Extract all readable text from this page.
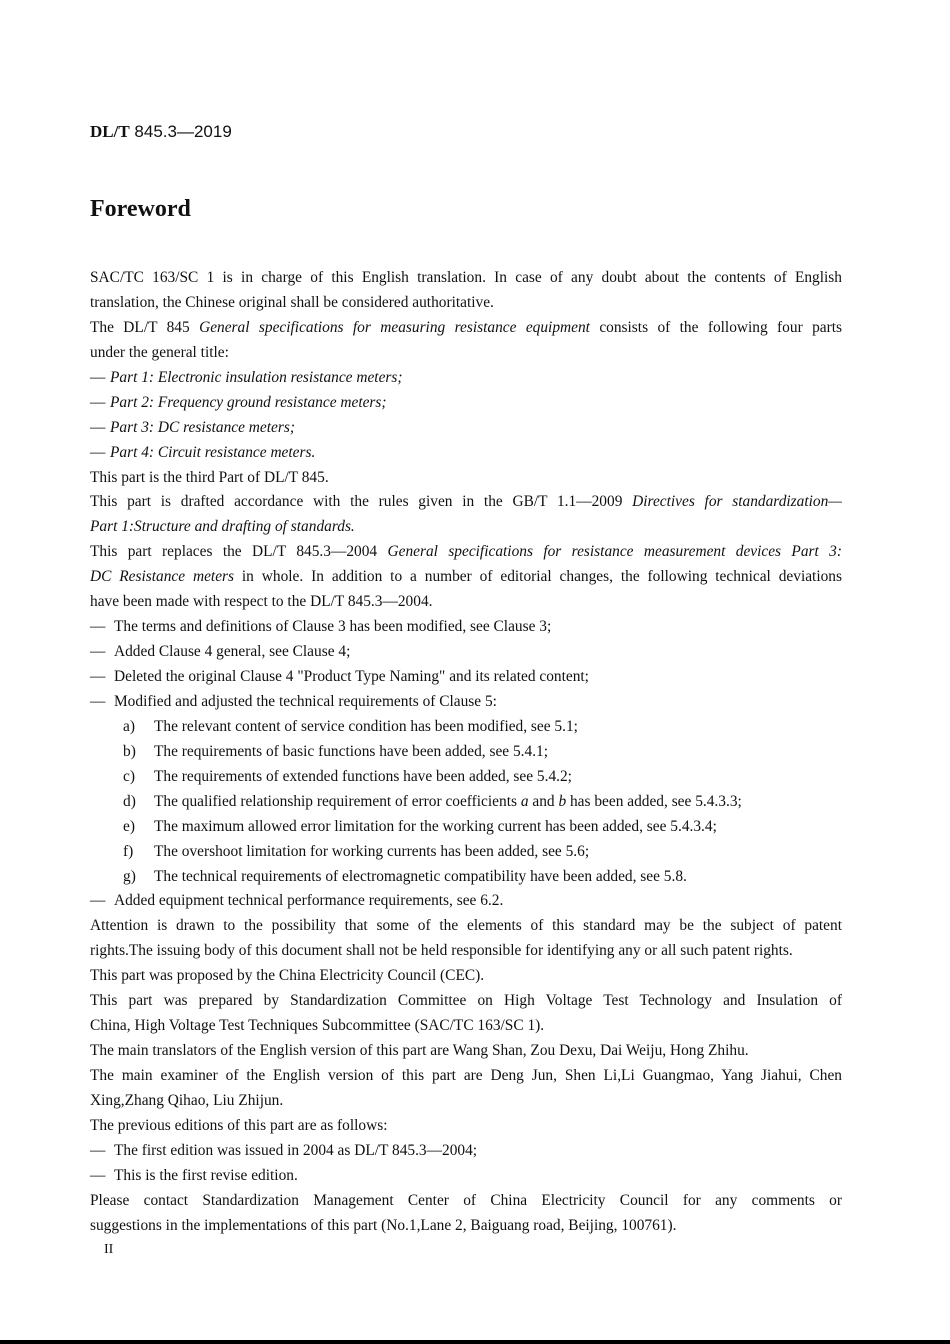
DL/T 845.3—2019
Foreword
SAC/TC 163/SC 1 is in charge of this English translation. In case of any doubt about the contents of English
translation, the Chinese original shall be considered authoritative.
The DL/T 845 General specifications for measuring resistance equipment consists of the following four parts
under the general title:
— Part 1: Electronic insulation resistance meters;
— Part 2: Frequency ground resistance meters;
— Part 3: DC resistance meters;
— Part 4: Circuit resistance meters.
This part is the third Part of DL/T 845.
This part is drafted accordance with the rules given in the GB/T 1.1—2009 Directives for standardization—
Part 1:Structure and drafting of standards.
This part replaces the DL/T 845.3—2004 General specifications for resistance measurement devices Part 3:
DC Resistance meters in whole. In addition to a number of editorial changes, the following technical deviations
have been made with respect to the DL/T 845.3—2004.
— The terms and definitions of Clause 3 has been modified, see Clause 3;
— Added Clause 4 general, see Clause 4;
— Deleted the original Clause 4 "Product Type Naming" and its related content;
— Modified and adjusted the technical requirements of Clause 5:
a) The relevant content of service condition has been modified, see 5.1;
b) The requirements of basic functions have been added, see 5.4.1;
c) The requirements of extended functions have been added, see 5.4.2;
d) The qualified relationship requirement of error coefficients a and b has been added, see 5.4.3.3;
e) The maximum allowed error limitation for the working current has been added, see 5.4.3.4;
f) The overshoot limitation for working currents has been added, see 5.6;
g) The technical requirements of electromagnetic compatibility have been added, see 5.8.
— Added equipment technical performance requirements, see 6.2.
Attention is drawn to the possibility that some of the elements of this standard may be the subject of patent
rights.The issuing body of this document shall not be held responsible for identifying any or all such patent rights.
This part was proposed by the China Electricity Council (CEC).
This part was prepared by Standardization Committee on High Voltage Test Technology and Insulation of
China, High Voltage Test Techniques Subcommittee (SAC/TC 163/SC 1).
The main translators of the English version of this part are Wang Shan, Zou Dexu, Dai Weiju, Hong Zhihu.
The main examiner of the English version of this part are Deng Jun, Shen Li,Li Guangmao, Yang Jiahui, Chen
Xing,Zhang Qihao, Liu Zhijun.
The previous editions of this part are as follows:
— The first edition was issued in 2004 as DL/T 845.3—2004;
— This is the first revise edition.
Please contact Standardization Management Center of China Electricity Council for any comments or
suggestions in the implementations of this part (No.1,Lane 2, Baiguang road, Beijing, 100761).
II
